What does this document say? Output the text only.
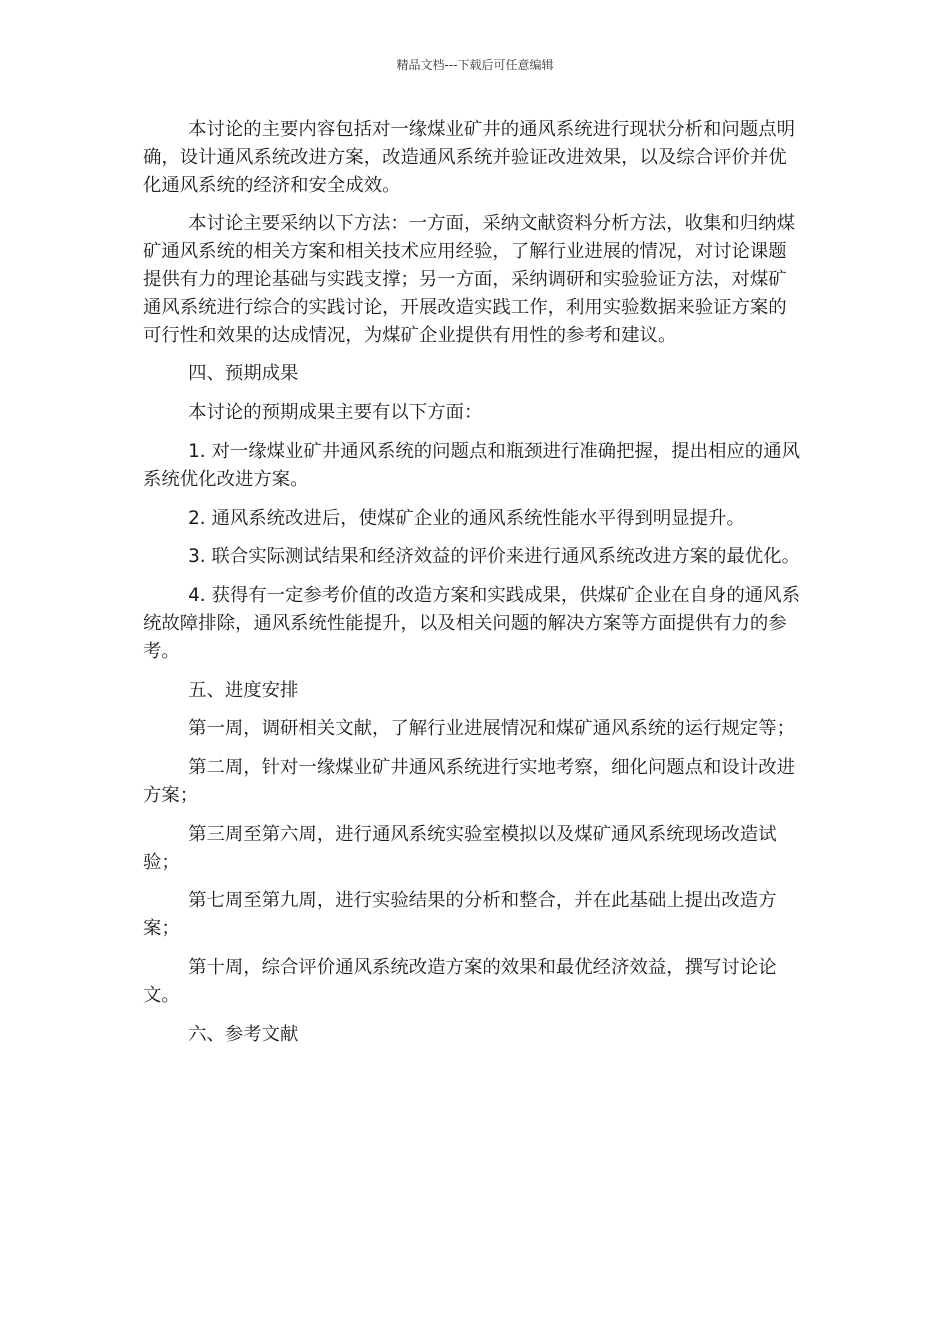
精品文档---下载后可任意编辑

本讨论的主要内容包括对一缘煤业矿井的通风系统进行现状分析和问题点明确，设计通风系统改进方案，改造通风系统并验证改进效果，以及综合评价并优化通风系统的经济和安全成效。

本讨论主要采纳以下方法：一方面，采纳文献资料分析方法，收集和归纳煤矿通风系统的相关方案和相关技术应用经验，了解行业进展的情况，对讨论课题提供有力的理论基础与实践支撑；另一方面，采纳调研和实验验证方法，对煤矿通风系统进行综合的实践讨论，开展改造实践工作，利用实验数据来验证方案的可行性和效果的达成情况，为煤矿企业提供有用性的参考和建议。

四、预期成果

本讨论的预期成果主要有以下方面：

1. 对一缘煤业矿井通风系统的问题点和瓶颈进行准确把握，提出相应的通风系统优化改进方案。

2. 通风系统改进后，使煤矿企业的通风系统性能水平得到明显提升。

3. 联合实际测试结果和经济效益的评价来进行通风系统改进方案的最优化。

4. 获得有一定参考价值的改造方案和实践成果，供煤矿企业在自身的通风系统故障排除，通风系统性能提升，以及相关问题的解决方案等方面提供有力的参考。

五、进度安排

第一周，调研相关文献，了解行业进展情况和煤矿通风系统的运行规定等；

第二周，针对一缘煤业矿井通风系统进行实地考察，细化问题点和设计改进方案；

第三周至第六周，进行通风系统实验室模拟以及煤矿通风系统现场改造试验；

第七周至第九周，进行实验结果的分析和整合，并在此基础上提出改造方案；

第十周，综合评价通风系统改造方案的效果和最优经济效益，撰写讨论论文。

六、参考文献
